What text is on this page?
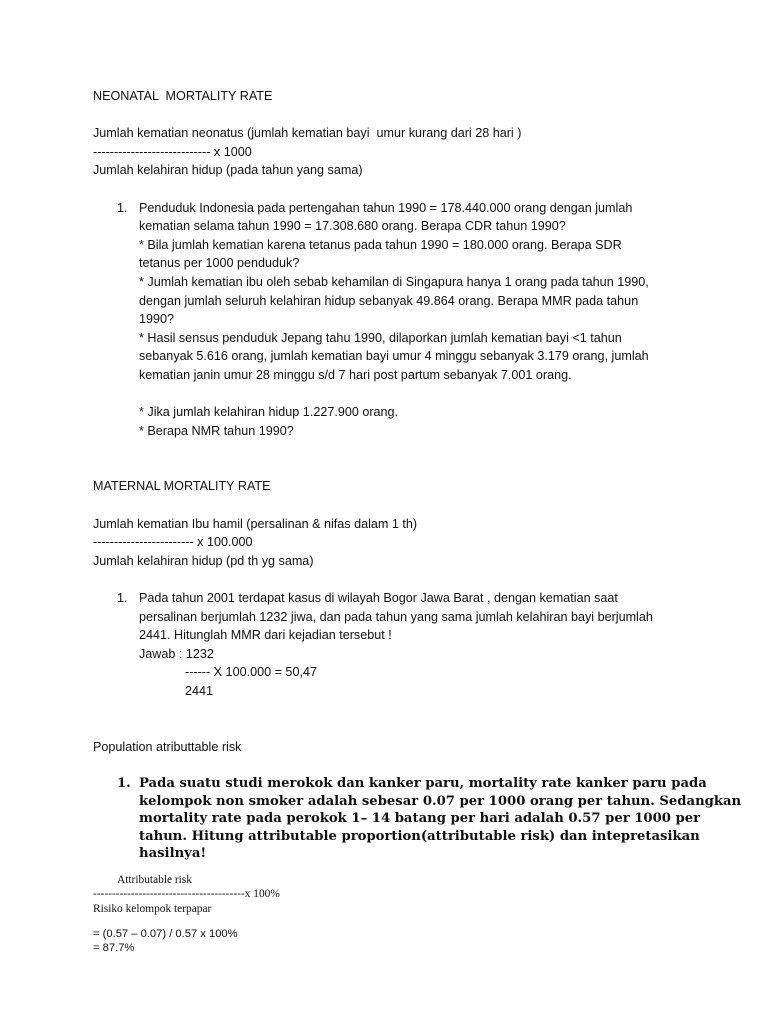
NEONATAL  MORTALITY RATE

Jumlah kematian neonatus (jumlah kematian bayi  umur kurang dari 28 hari )

---------------------------- x 1000

Jumlah kelahiran hidup (pada tahun yang sama)

1. Penduduk Indonesia pada pertengahan tahun 1990 = 178.440.000 orang dengan jumlah

kematian selama tahun 1990 = 17.308.680 orang. Berapa CDR tahun 1990?

* Bila jumlah kematian karena tetanus pada tahun 1990 = 180.000 orang. Berapa SDR

tetanus per 1000 penduduk?

* Jumlah kematian ibu oleh sebab kehamilan di Singapura hanya 1 orang pada tahun 1990,

dengan jumlah seluruh kelahiran hidup sebanyak 49.864 orang. Berapa MMR pada tahun

1990?

* Hasil sensus penduduk Jepang tahu 1990, dilaporkan jumlah kematian bayi <1 tahun

sebanyak 5.616 orang, jumlah kematian bayi umur 4 minggu sebanyak 3.179 orang, jumlah

kematian janin umur 28 minggu s/d 7 hari post partum sebanyak 7.001 orang.

* Jika jumlah kelahiran hidup 1.227.900 orang.

* Berapa NMR tahun 1990?

MATERNAL MORTALITY RATE

Jumlah kematian Ibu hamil (persalinan & nifas dalam 1 th)

------------------------ x 100.000

Jumlah kelahiran hidup (pd th yg sama)

1. Pada tahun 2001 terdapat kasus di wilayah Bogor Jawa Barat , dengan kematian saat

persalinan berjumlah 1232 jiwa, dan pada tahun yang sama jumlah kelahiran bayi berjumlah

2441. Hitunglah MMR dari kejadian tersebut !

Jawab : 1232

------ X 100.000 = 50,47

2441

Population atributtable risk

1. Pada suatu studi merokok dan kanker paru, mortality rate kanker paru pada

kelompok non smoker adalah sebesar 0.07 per 1000 orang per tahun. Sedangkan

mortality rate pada perokok 1– 14 batang per hari adalah 0.57 per 1000 per

tahun. Hitung attributable proportion(attributable risk) dan intepretasikan

hasilnya!

Attributable risk

----------------------------------------x 100%

Risiko kelompok terpapar

= (0.57 – 0.07) / 0.57 x 100%

= 87.7%
